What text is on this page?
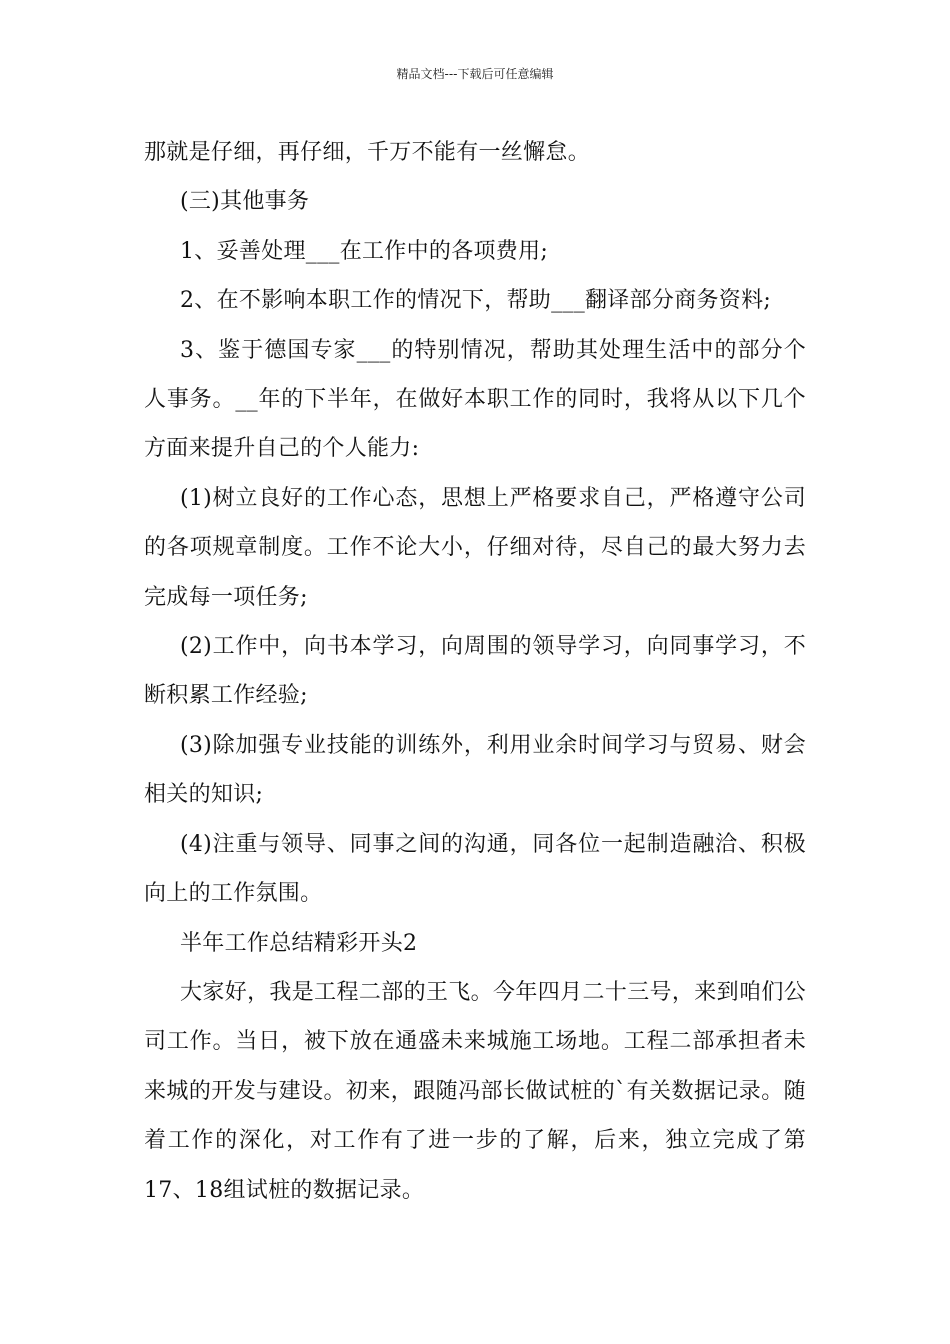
精品文档---下载后可任意编辑

那就是仔细，再仔细，千万不能有一丝懈怠。

(三)其他事务

1、妥善处理___在工作中的各项费用;

2、在不影响本职工作的情况下，帮助___翻译部分商务资料;

3、鉴于德国专家___的特别情况，帮助其处理生活中的部分个人事务。__年的下半年，在做好本职工作的同时，我将从以下几个方面来提升自己的个人能力:

(1)树立良好的工作心态，思想上严格要求自己，严格遵守公司的各项规章制度。工作不论大小，仔细对待，尽自己的最大努力去完成每一项任务;

(2)工作中，向书本学习，向周围的领导学习，向同事学习，不断积累工作经验;

(3)除加强专业技能的训练外，利用业余时间学习与贸易、财会相关的知识;

(4)注重与领导、同事之间的沟通，同各位一起制造融洽、积极向上的工作氛围。

半年工作总结精彩开头2

大家好，我是工程二部的王飞。今年四月二十三号，来到咱们公司工作。当日，被下放在通盛未来城施工场地。工程二部承担者未来城的开发与建设。初来，跟随冯部长做试桩的`有关数据记录。随着工作的深化，对工作有了进一步的了解，后来，独立完成了第17、18组试桩的数据记录。
